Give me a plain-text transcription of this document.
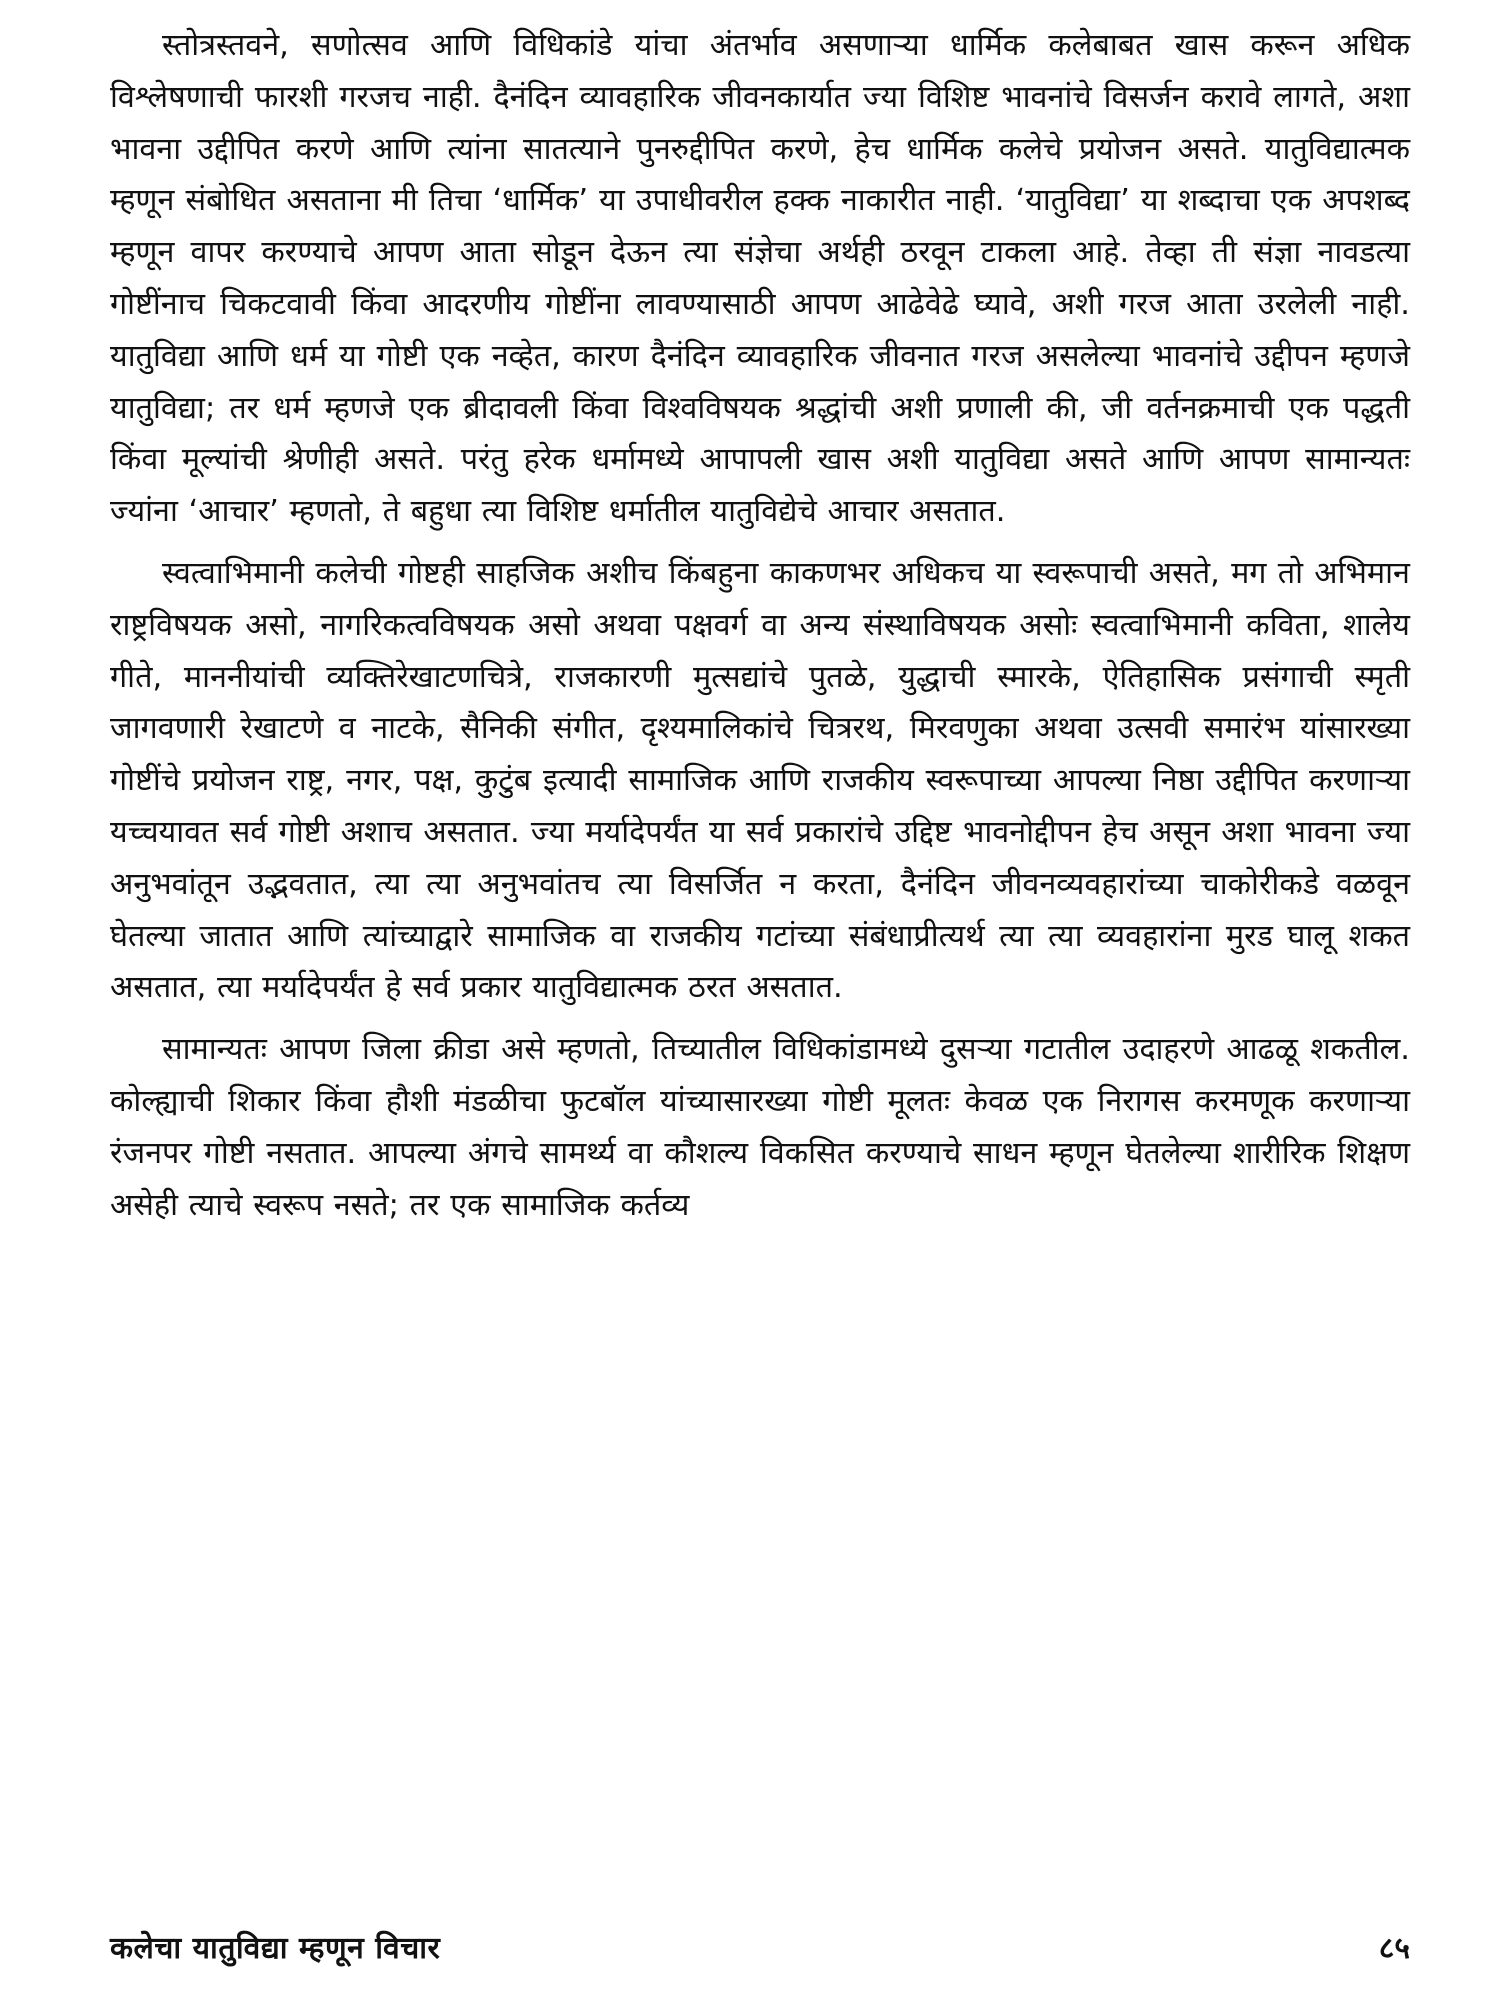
स्तोत्रस्तवने, सणोत्सव आणि विधिकांडे यांचा अंतर्भाव असणाऱ्या धार्मिक कलेबाबत खास करून अधिक विश्लेषणाची फारशी गरजच नाही. दैनंदिन व्यावहारिक जीवनकार्यात ज्या विशिष्ट भावनांचे विसर्जन करावे लागते, अशा भावना उद्दीपित करणे आणि त्यांना सातत्याने पुनरुद्दीपित करणे, हेच धार्मिक कलेचे प्रयोजन असते. यातुविद्यात्मक म्हणून संबोधित असताना मी तिचा ‘धार्मिक’ या उपाधीवरील हक्क नाकारीत नाही. ‘यातुविद्या’ या शब्दाचा एक अपशब्द म्हणून वापर करण्याचे आपण आता सोडून देऊन त्या संज्ञेचा अर्थही ठरवून टाकला आहे. तेव्हा ती संज्ञा नावडत्या गोष्टींनाच चिकटवावी किंवा आदरणीय गोष्टींना लावण्यासाठी आपण आढेवेढे घ्यावे, अशी गरज आता उरलेली नाही. यातुविद्या आणि धर्म या गोष्टी एक नव्हेत, कारण दैनंदिन व्यावहारिक जीवनात गरज असलेल्या भावनांचे उद्दीपन म्हणजे यातुविद्या; तर धर्म म्हणजे एक ब्रीदावली किंवा विश्वविषयक श्रद्धांची अशी प्रणाली की, जी वर्तनक्रमाची एक पद्धती किंवा मूल्यांची श्रेणीही असते. परंतु हरेक धर्मामध्ये आपापली खास अशी यातुविद्या असते आणि आपण सामान्यतः ज्यांना ‘आचार’ म्हणतो, ते बहुधा त्या विशिष्ट धर्मातील यातुविद्येचे आचार असतात.

स्वत्वाभिमानी कलेची गोष्टही साहजिक अशीच किंबहुना काकणभर अधिकच या स्वरूपाची असते, मग तो अभिमान राष्ट्रविषयक असो, नागरिकत्वविषयक असो अथवा पक्षवर्ग वा अन्य संस्थाविषयक असोः स्वत्वाभिमानी कविता, शालेय गीते, माननीयांची व्यक्तिरेखाटणचित्रे, राजकारणी मुत्सद्यांचे पुतळे, युद्धाची स्मारके, ऐतिहासिक प्रसंगाची स्मृती जागवणारी रेखाटणे व नाटके, सैनिकी संगीत, दृश्यमालिकांचे चित्ररथ, मिरवणुका अथवा उत्सवी समारंभ यांसारख्या गोष्टींचे प्रयोजन राष्ट्र, नगर, पक्ष, कुटुंब इत्यादी सामाजिक आणि राजकीय स्वरूपाच्या आपल्या निष्ठा उद्दीपित करणाऱ्या यच्चयावत सर्व गोष्टी अशाच असतात. ज्या मर्यादेपर्यंत या सर्व प्रकारांचे उद्दिष्ट भावनोद्दीपन हेच असून अशा भावना ज्या अनुभवांतून उद्भवतात, त्या त्या अनुभवांतच त्या विसर्जित न करता, दैनंदिन जीवनव्यवहारांच्या चाकोरीकडे वळवून घेतल्या जातात आणि त्यांच्याद्वारे सामाजिक वा राजकीय गटांच्या संबंधाप्रीत्यर्थ त्या त्या व्यवहारांना मुरड घालू शकत असतात, त्या मर्यादेपर्यंत हे सर्व प्रकार यातुविद्यात्मक ठरत असतात.

सामान्यतः आपण जिला क्रीडा असे म्हणतो, तिच्यातील विधिकांडामध्ये दुसऱ्या गटातील उदाहरणे आढळू शकतील. कोल्ह्याची शिकार किंवा हौशी मंडळीचा फुटबॉल यांच्यासारख्या गोष्टी मूलतः केवळ एक निरागस करमणूक करणाऱ्या रंजनपर गोष्टी नसतात. आपल्या अंगचे सामर्थ्य वा कौशल्य विकसित करण्याचे साधन म्हणून घेतलेल्या शारीरिक शिक्षण असेही त्याचे स्वरूप नसते; तर एक सामाजिक कर्तव्य

कलेचा यातुविद्या म्हणून विचार	८५
